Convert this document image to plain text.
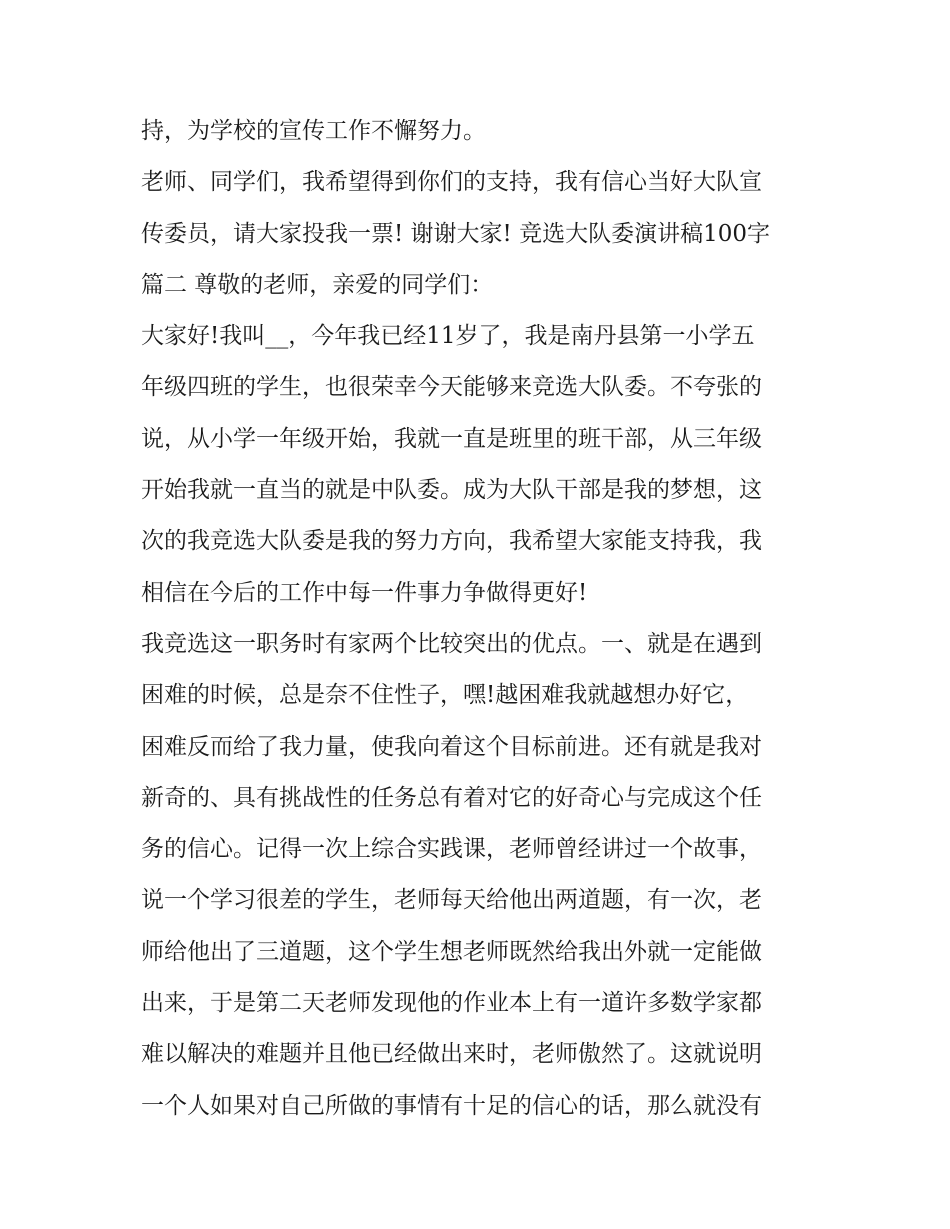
持，为学校的宣传工作不懈努力。
老师、同学们，我希望得到你们的支持，我有信心当好大队宣
传委员，请大家投我一票! 谢谢大家! 竞选大队委演讲稿100字
篇二 尊敬的老师，亲爱的同学们：
大家好!我叫__，今年我已经11岁了，我是南丹县第一小学五
年级四班的学生，也很荣幸今天能够来竞选大队委。不夸张的
说，从小学一年级开始，我就一直是班里的班干部，从三年级
开始我就一直当的就是中队委。成为大队干部是我的梦想，这
次的我竞选大队委是我的努力方向，我希望大家能支持我，我
相信在今后的工作中每一件事力争做得更好!
我竞选这一职务时有家两个比较突出的优点。一、就是在遇到
困难的时候，总是奈不住性子，嘿!越困难我就越想办好它，
困难反而给了我力量，使我向着这个目标前进。还有就是我对
新奇的、具有挑战性的任务总有着对它的好奇心与完成这个任
务的信心。记得一次上综合实践课，老师曾经讲过一个故事，
说一个学习很差的学生，老师每天给他出两道题，有一次，老
师给他出了三道题，这个学生想老师既然给我出外就一定能做
出来，于是第二天老师发现他的作业本上有一道许多数学家都
难以解决的难题并且他已经做出来时，老师傲然了。这就说明
一个人如果对自己所做的事情有十足的信心的话，那么就没有
